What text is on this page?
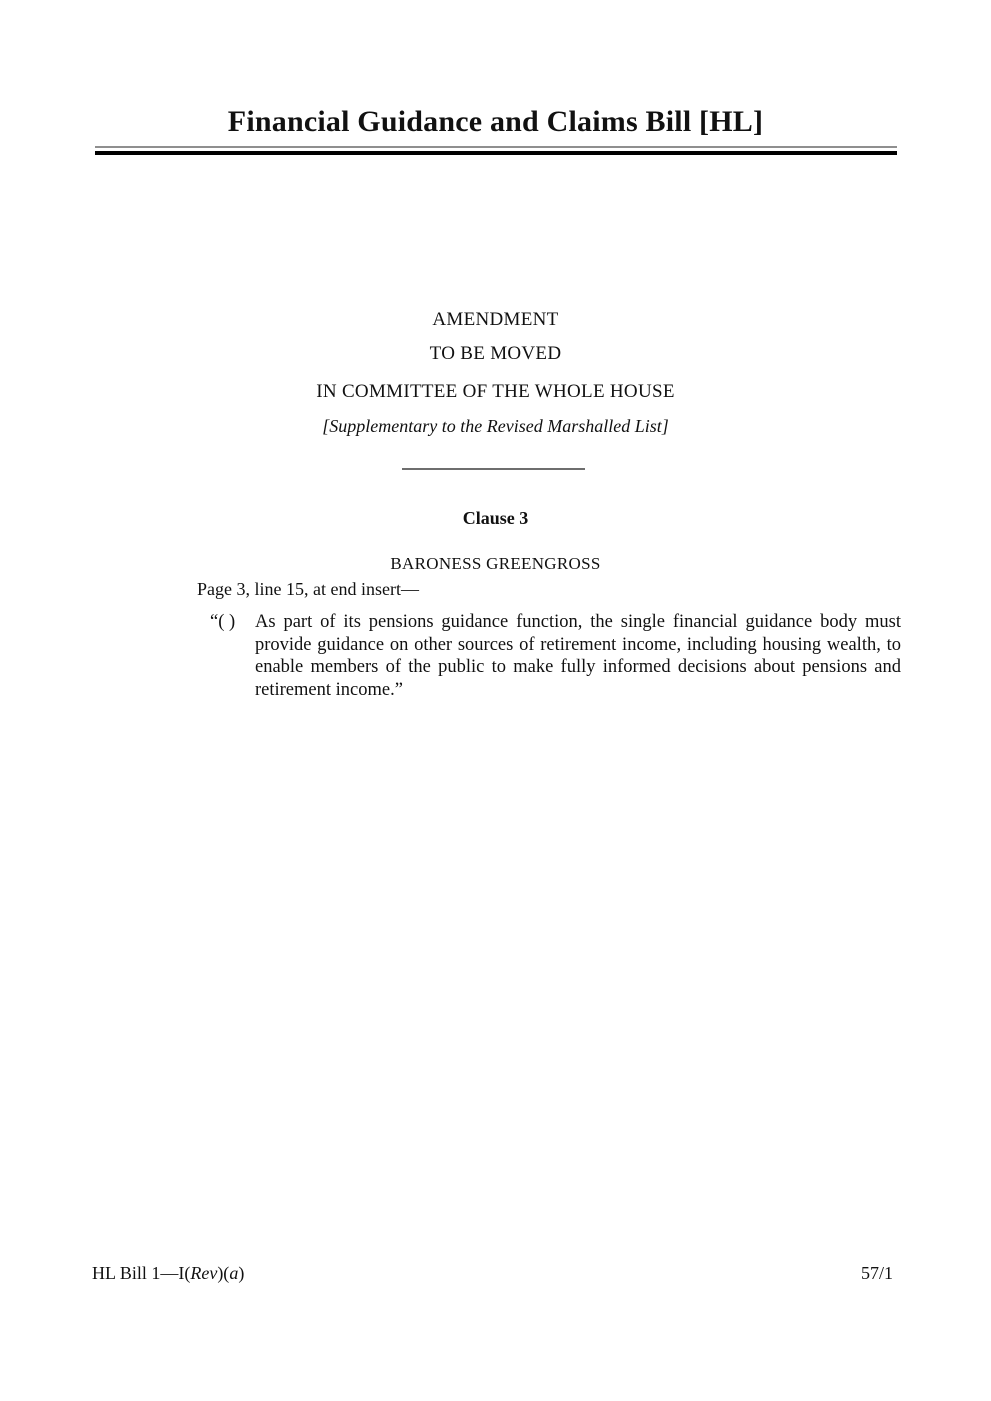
Financial Guidance and Claims Bill [HL]
AMENDMENT
TO BE MOVED
IN COMMITTEE OF THE WHOLE HOUSE
[Supplementary to the Revised Marshalled List]
Clause 3
BARONESS GREENGROSS
Page 3, line 15, at end insert—
“( ) As part of its pensions guidance function, the single financial guidance body must provide guidance on other sources of retirement income, including housing wealth, to enable members of the public to make fully informed decisions about pensions and retirement income.”
HL Bill 1—I(Rev)(a)	57/1
